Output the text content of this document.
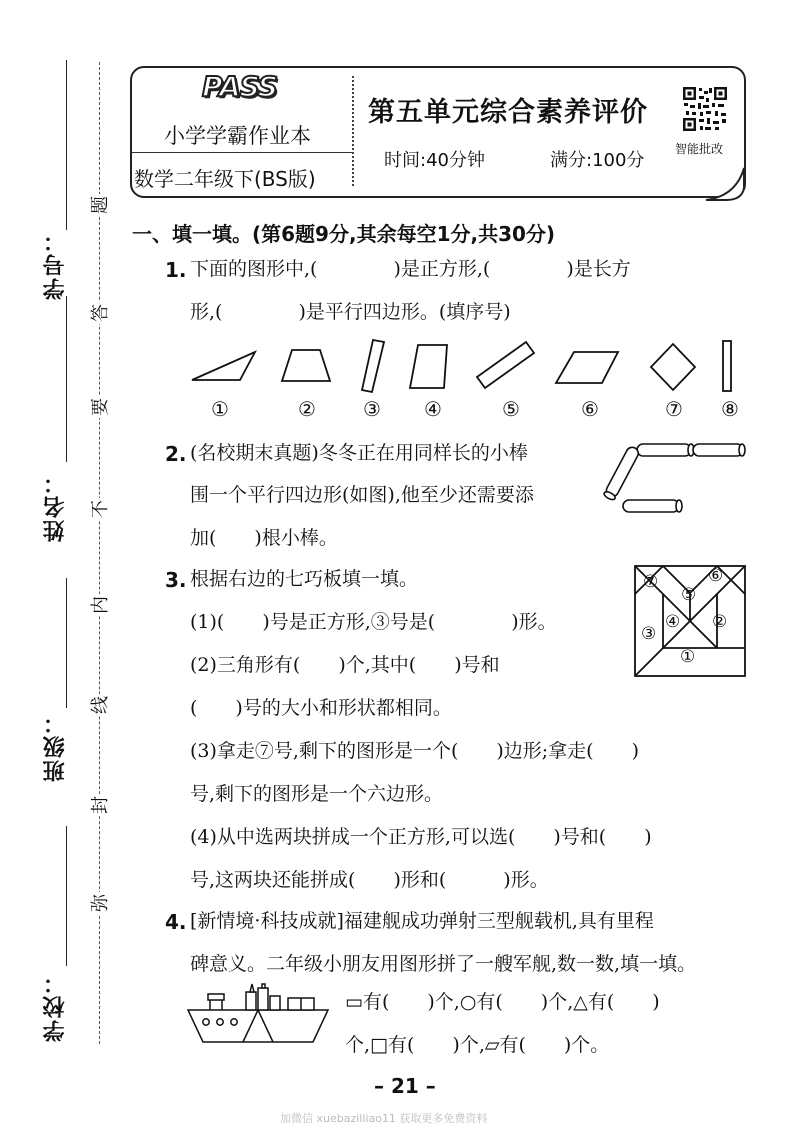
学号：
姓名：
班级：
学校：
题
答
要
不
内
线
封
弥
PASS
小学学霸作业本
数学二年级下(BS版)
第五单元综合素养评价
时间:40分钟	满分:100分
智能批改
一、填一填。(第6题9分,其余每空1分,共30分)
1. 下面的图形中,(　　　　)是正方形,(　　　　)是长方
形,(　　　　)是平行四边形。(填序号)
①	②	③	④	⑤	⑥	⑦	⑧
2. (名校期末真题)冬冬正在用同样长的小棒
围一个平行四边形(如图),他至少还需要添
加(　　)根小棒。
3. 根据右边的七巧板填一填。
(1)(　　)号是正方形,③号是(　　　　)形。
(2)三角形有(　　)个,其中(　　)号和
(　　)号的大小和形状都相同。
(3)拿走⑦号,剩下的图形是一个(　　)边形;拿走(　　)
号,剩下的图形是一个六边形。
(4)从中选两块拼成一个正方形,可以选(　　)号和(　　)
号,这两块还能拼成(　　)形和(　　　)形。
⑦	⑥
⑤
④
③
②
①
4. [新情境·科技成就]福建舰成功弹射三型舰载机,具有里程
碑意义。二年级小朋友用图形拼了一艘军舰,数一数,填一填。
▭有(　　)个,○有(　　)个,△有(　　)
个,□有(　　)个,▱有(　　)个。
– 21 –
加微信 xuebazilliao11 获取更多免费资料
